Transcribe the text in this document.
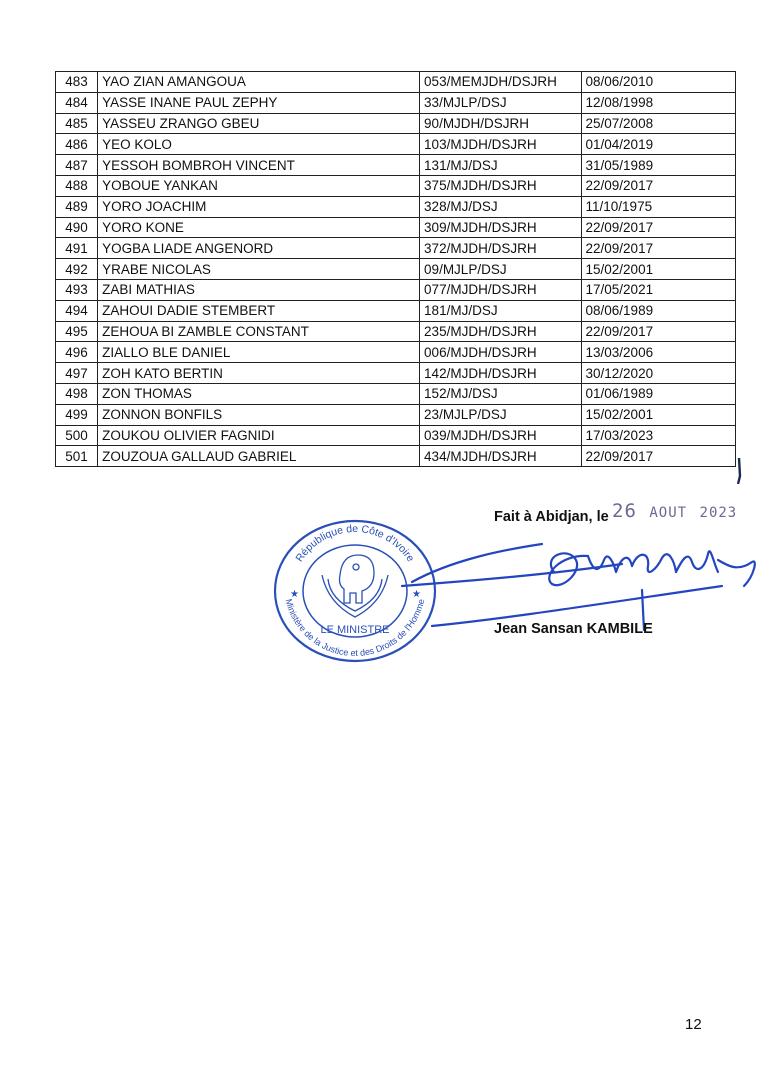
483	YAO ZIAN AMANGOUA	053/MEMJDH/DSJRH	08/06/2010
484	YASSE INANE PAUL ZEPHY	33/MJLP/DSJ	12/08/1998
485	YASSEU ZRANGO GBEU	90/MJDH/DSJRH	25/07/2008
486	YEO KOLO	103/MJDH/DSJRH	01/04/2019
487	YESSOH BOMBROH VINCENT	131/MJ/DSJ	31/05/1989
488	YOBOUE YANKAN	375/MJDH/DSJRH	22/09/2017
489	YORO JOACHIM	328/MJ/DSJ	11/10/1975
490	YORO KONE	309/MJDH/DSJRH	22/09/2017
491	YOGBA LIADE ANGENORD	372/MJDH/DSJRH	22/09/2017
492	YRABE NICOLAS	09/MJLP/DSJ	15/02/2001
493	ZABI MATHIAS	077/MJDH/DSJRH	17/05/2021
494	ZAHOUI DADIE STEMBERT	181/MJ/DSJ	08/06/1989
495	ZEHOUA BI ZAMBLE CONSTANT	235/MJDH/DSJRH	22/09/2017
496	ZIALLO BLE DANIEL	006/MJDH/DSJRH	13/03/2006
497	ZOH KATO BERTIN	142/MJDH/DSJRH	30/12/2020
498	ZON THOMAS	152/MJ/DSJ	01/06/1989
499	ZONNON BONFILS	23/MJLP/DSJ	15/02/2001
500	ZOUKOU OLIVIER FAGNIDI	039/MJDH/DSJRH	17/03/2023
501	ZOUZOUA GALLAUD GABRIEL	434/MJDH/DSJRH	22/09/2017
Fait à Abidjan, le 26 AOUT 2023
République de Côte d'Ivoire
Ministère de la Justice et des Droits de l'Homme
LE MINISTRE
★	★
Jean Sansan KAMBILE
12
